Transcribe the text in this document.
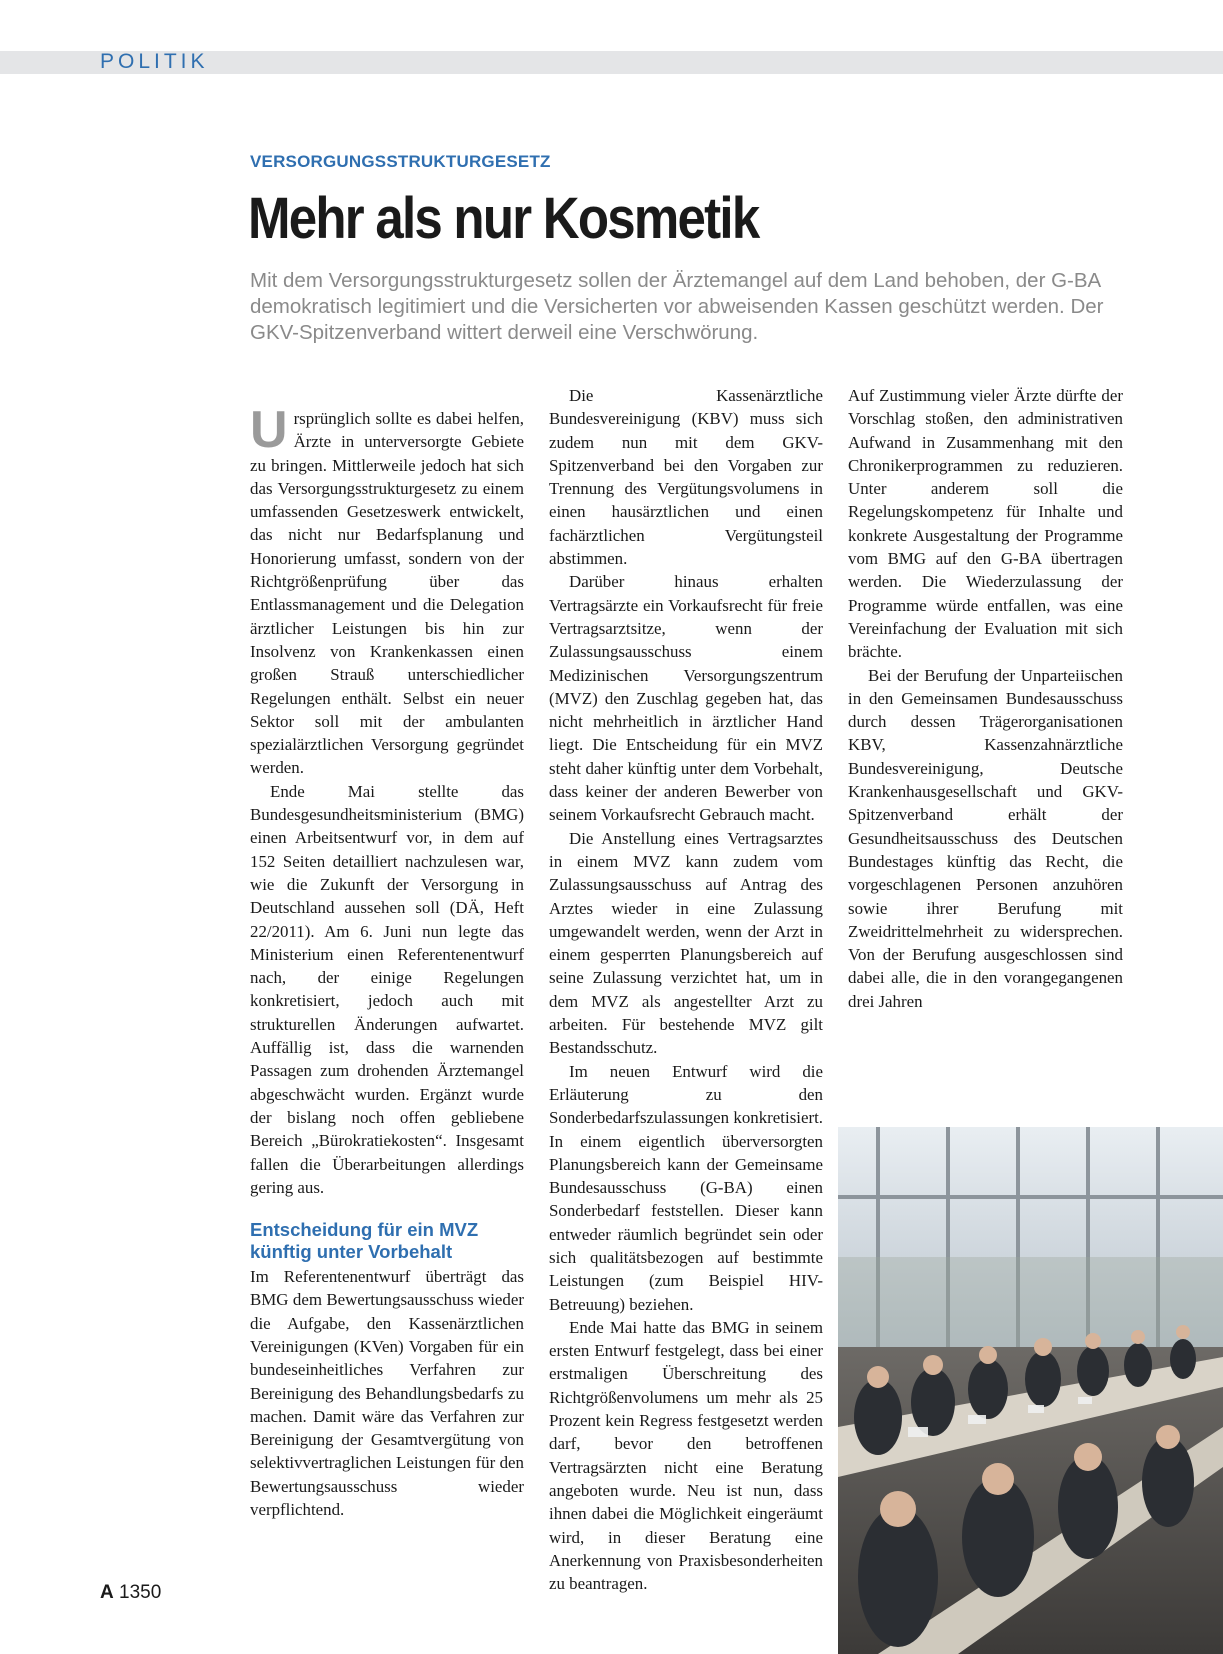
POLITIK
VERSORGUNGSSTRUKTURGESETZ
Mehr als nur Kosmetik
Mit dem Versorgungsstrukturgesetz sollen der Ärztemangel auf dem Land behoben, der G-BA demokratisch legitimiert und die Versicherten vor abweisenden Kassen geschützt werden. Der GKV-Spitzenverband wittert derweil eine Verschwörung.

Ursprünglich sollte es dabei helfen, Ärzte in unterversorgte Gebiete zu bringen. Mittlerweile jedoch hat sich das Versorgungsstrukturgesetz zu einem umfassenden Gesetzeswerk entwickelt, das nicht nur Bedarfsplanung und Honorierung umfasst, sondern von der Richtgrößenprüfung über das Entlassmanagement und die Delegation ärztlicher Leistungen bis hin zur Insolvenz von Krankenkassen einen großen Strauß unterschiedlicher Regelungen enthält. Selbst ein neuer Sektor soll mit der ambulanten spezialärztlichen Versorgung gegründet werden.

Ende Mai stellte das Bundesgesundheitsministerium (BMG) einen Arbeitsentwurf vor, in dem auf 152 Seiten detailliert nachzulesen war, wie die Zukunft der Versorgung in Deutschland aussehen soll (DÄ, Heft 22/2011). Am 6. Juni nun legte das Ministerium einen Referentenentwurf nach, der einige Regelungen konkretisiert, jedoch auch mit strukturellen Änderungen aufwartet. Auffällig ist, dass die warnenden Passagen zum drohenden Ärztemangel abgeschwächt wurden. Ergänzt wurde der bislang noch offen gebliebene Bereich „Bürokratiekosten“. Insgesamt fallen die Überarbeitungen allerdings gering aus.

Entscheidung für ein MVZ künftig unter Vorbehalt

Im Referentenentwurf überträgt das BMG dem Bewertungsausschuss wieder die Aufgabe, den Kassenärztlichen Vereinigungen (KVen) Vorgaben für ein bundeseinheitliches Verfahren zur Bereinigung des Behandlungsbedarfs zu machen. Damit wäre das Verfahren zur Bereinigung der Gesamtvergütung von selektivvertraglichen Leistungen für den Bewertungsausschuss wieder verpflichtend.

Die Kassenärztliche Bundesvereinigung (KBV) muss sich zudem nun mit dem GKV-Spitzenverband bei den Vorgaben zur Trennung des Vergütungsvolumens in einen hausärztlichen und einen fachärztlichen Vergütungsteil abstimmen.

Darüber hinaus erhalten Vertragsärzte ein Vorkaufsrecht für freie Vertragsarztsitze, wenn der Zulassungsausschuss einem Medizinischen Versorgungszentrum (MVZ) den Zuschlag gegeben hat, das nicht mehrheitlich in ärztlicher Hand liegt. Die Entscheidung für ein MVZ steht daher künftig unter dem Vorbehalt, dass keiner der anderen Bewerber von seinem Vorkaufsrecht Gebrauch macht.

Die Anstellung eines Vertragsarztes in einem MVZ kann zudem vom Zulassungsausschuss auf Antrag des Arztes wieder in eine Zulassung umgewandelt werden, wenn der Arzt in einem gesperrten Planungsbereich auf seine Zulassung verzichtet hat, um in dem MVZ als angestellter Arzt zu arbeiten. Für bestehende MVZ gilt Bestandsschutz.

Im neuen Entwurf wird die Erläuterung zu den Sonderbedarfszulassungen konkretisiert. In einem eigentlich überversorgten Planungsbereich kann der Gemeinsame Bundesausschuss (G-BA) einen Sonderbedarf feststellen. Dieser kann entweder räumlich begründet sein oder sich qualitätsbezogen auf bestimmte Leistungen (zum Beispiel HIV-Betreuung) beziehen.

Ende Mai hatte das BMG in seinem ersten Entwurf festgelegt, dass bei einer erstmaligen Überschreitung des Richtgrößenvolumens um mehr als 25 Prozent kein Regress festgesetzt werden darf, bevor den betroffenen Vertragsärzten nicht eine Beratung angeboten wurde. Neu ist nun, dass ihnen dabei die Möglichkeit eingeräumt wird, in dieser Beratung eine Anerkennung von Praxisbesonderheiten zu beantragen.

Auf Zustimmung vieler Ärzte dürfte der Vorschlag stoßen, den administrativen Aufwand in Zusammenhang mit den Chronikerprogrammen zu reduzieren. Unter anderem soll die Regelungskompetenz für Inhalte und konkrete Ausgestaltung der Programme vom BMG auf den G-BA übertragen werden. Die Wiederzulassung der Programme würde entfallen, was eine Vereinfachung der Evaluation mit sich brächte.

Bei der Berufung der Unparteiischen in den Gemeinsamen Bundesausschuss durch dessen Trägerorganisationen KBV, Kassenzahnärztliche Bundesvereinigung, Deutsche Krankenhausgesellschaft und GKV-Spitzenverband erhält der Gesundheitsausschuss des Deutschen Bundestages künftig das Recht, die vorgeschlagenen Personen anzuhören sowie ihrer Berufung mit Zweidrittelmehrheit zu widersprechen. Von der Berufung ausgeschlossen sind dabei alle, die in den vorangegangenen drei Jahren

A 1350
